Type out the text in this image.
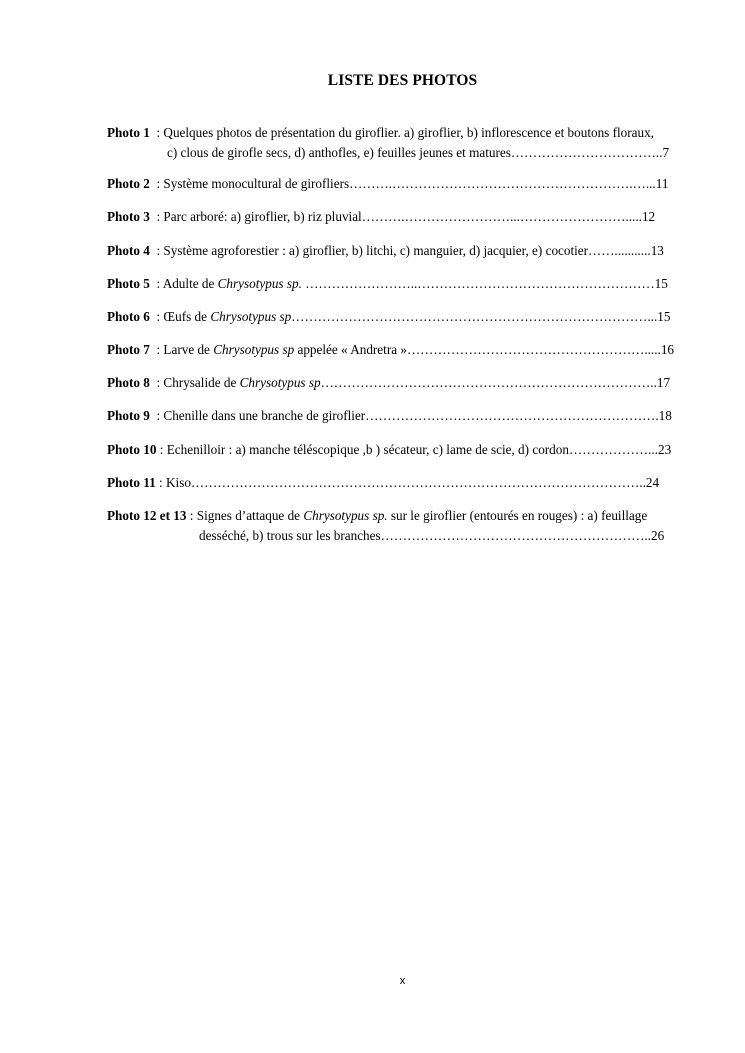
LISTE DES PHOTOS
Photo 1  : Quelques photos de présentation du giroflier. a) giroflier, b) inflorescence et boutons floraux,
c) clous de girofle secs, d) anthofles, e) feuilles jeunes et matures……………………………..7
Photo 2  : Système monocultural de girofliers……….……………………………………………….…...11
Photo 3  : Parc arboré: a) giroflier, b) riz pluvial……….……………………...…………………….....12
Photo 4  : Système agroforestier : a) giroflier, b) litchi, c) manguier, d) jacquier, e) cocotier……...........13
Photo 5  : Adulte de Chrysotypus sp. ……………………..………………………………………………15
Photo 6  : Œufs de Chrysotypus sp………………………………………………………………………...15
Photo 7  : Larve de Chrysotypus sp appelée « Andretra »……………………………………………….....16
Photo 8  : Chrysalide de Chrysotypus sp…………………………………………………………………..17
Photo 9  : Chenille dans une branche de giroflier………………………………………………………….18
Photo 10 : Echenilloir : a) manche téléscopique ,b ) sécateur, c) lame de scie, d) cordon………………...23
Photo 11 : Kiso…………………………………………………………………………………………..24
Photo 12 et 13 : Signes d’attaque de Chrysotypus sp. sur le giroflier (entourés en rouges) : a) feuillage
desséché, b) trous sur les branches……………………………………………………..26
x
